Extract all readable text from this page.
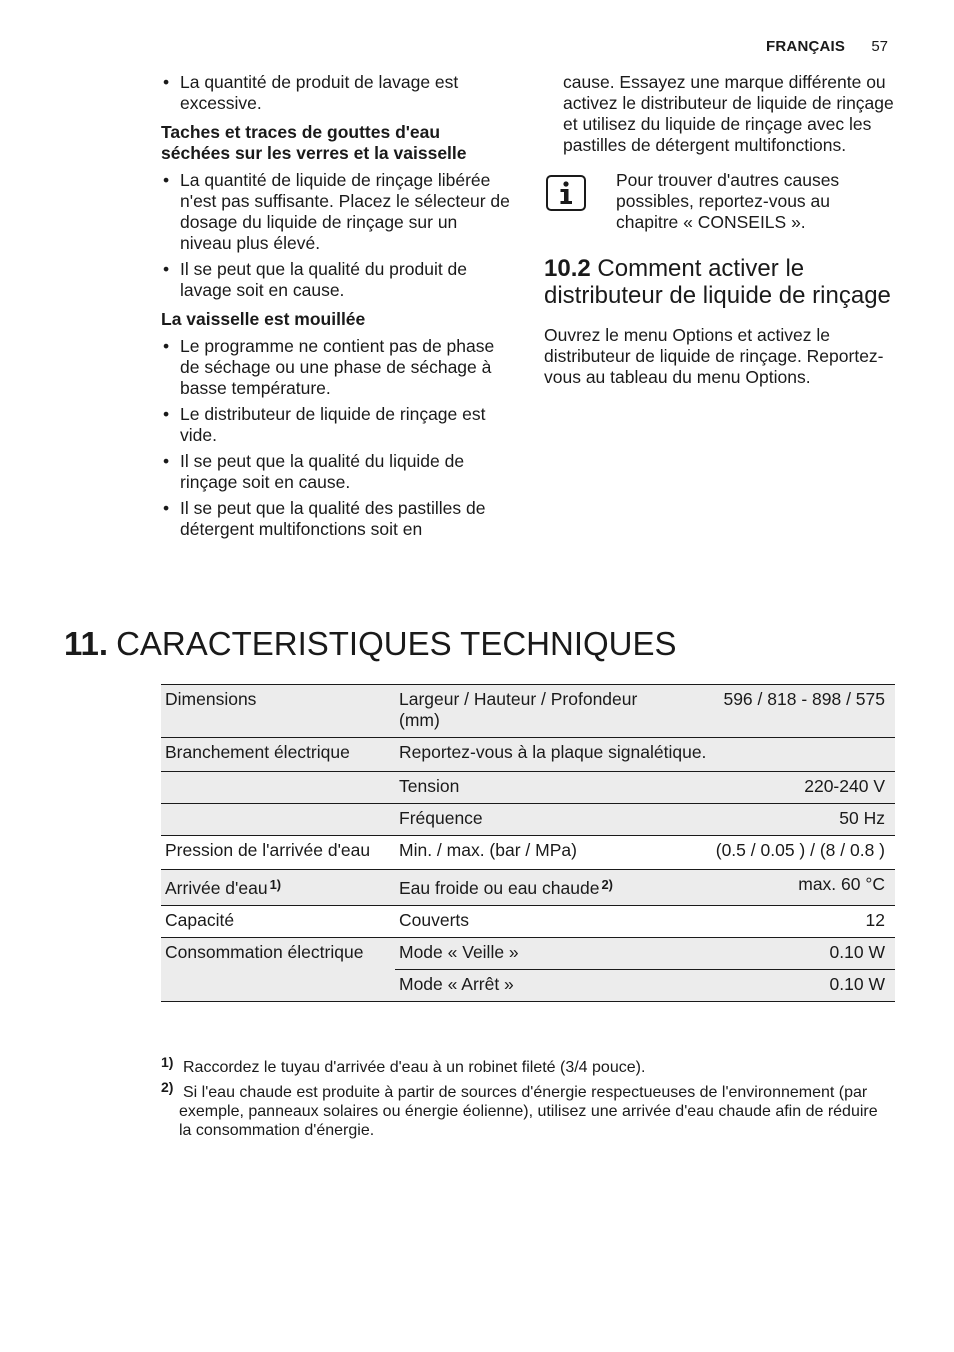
FRANÇAIS 57
• La quantité de produit de lavage est excessive.
Taches et traces de gouttes d'eau séchées sur les verres et la vaisselle
• La quantité de liquide de rinçage libérée n'est pas suffisante. Placez le sélecteur de dosage du liquide de rinçage sur un niveau plus élevé.
• Il se peut que la qualité du produit de lavage soit en cause.
La vaisselle est mouillée
• Le programme ne contient pas de phase de séchage ou une phase de séchage à basse température.
• Le distributeur de liquide de rinçage est vide.
• Il se peut que la qualité du liquide de rinçage soit en cause.
• Il se peut que la qualité des pastilles de détergent multifonctions soit en
cause. Essayez une marque différente ou activez le distributeur de liquide de rinçage et utilisez du liquide de rinçage avec les pastilles de détergent multifonctions.
Pour trouver d'autres causes possibles, reportez-vous au chapitre « CONSEILS ».
10.2 Comment activer le distributeur de liquide de rinçage
Ouvrez le menu Options et activez le distributeur de liquide de rinçage. Reportez-vous au tableau du menu Options.
11. CARACTERISTIQUES TECHNIQUES
Dimensions	Largeur / Hauteur / Profondeur (mm)	596 / 818 - 898 / 575
Branchement électrique	Reportez-vous à la plaque signalétique.	
	Tension	220-240 V
	Fréquence	50 Hz
Pression de l'arrivée d'eau	Min. / max. (bar / MPa)	(0.5 / 0.05 ) / (8 / 0.8 )
Arrivée d'eau $^{1)}$	Eau froide ou eau chaude $^{2)}$	max. 60 °C
Capacité	Couverts	12
Consommation électrique	Mode « Veille »	0.10 W
	Mode « Arrêt »	0.10 W
1) Raccordez le tuyau d'arrivée d'eau à un robinet fileté (3/4 pouce).
2) Si l'eau chaude est produite à partir de sources d'énergie respectueuses de l'environnement (par exemple, panneaux solaires ou énergie éolienne), utilisez une arrivée d'eau chaude afin de réduire la consommation d'énergie.
